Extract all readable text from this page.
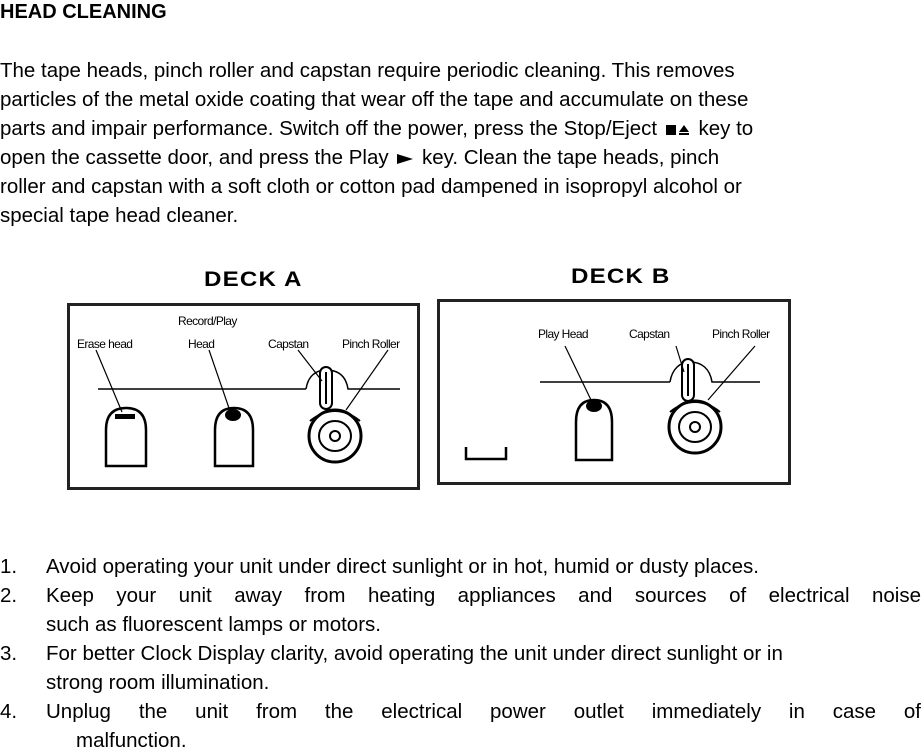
HEAD CLEANING
The tape heads, pinch roller and capstan require periodic cleaning. This removes
particles of the metal oxide coating that wear off the tape and accumulate on these
parts and impair performance. Switch off the power, press the Stop/Eject key to
open the cassette door, and press the Play key. Clean the tape heads, pinch
roller and capstan with a soft cloth or cotton pad dampened in isopropyl alcohol or
special tape head cleaner.
DECK A
Record/Play
Erase head	Head	Capstan	Pinch Roller
DECK B
Play Head	Capstan	Pinch Roller
1. Avoid operating your unit under direct sunlight or in hot, humid or dusty places.
2. Keep your unit away from heating appliances and sources of electrical noise
such as fluorescent lamps or motors.
3. For better Clock Display clarity, avoid operating the unit under direct sunlight or in
strong room illumination.
4. Unplug the unit from the electrical power outlet immediately in case of
malfunction.
